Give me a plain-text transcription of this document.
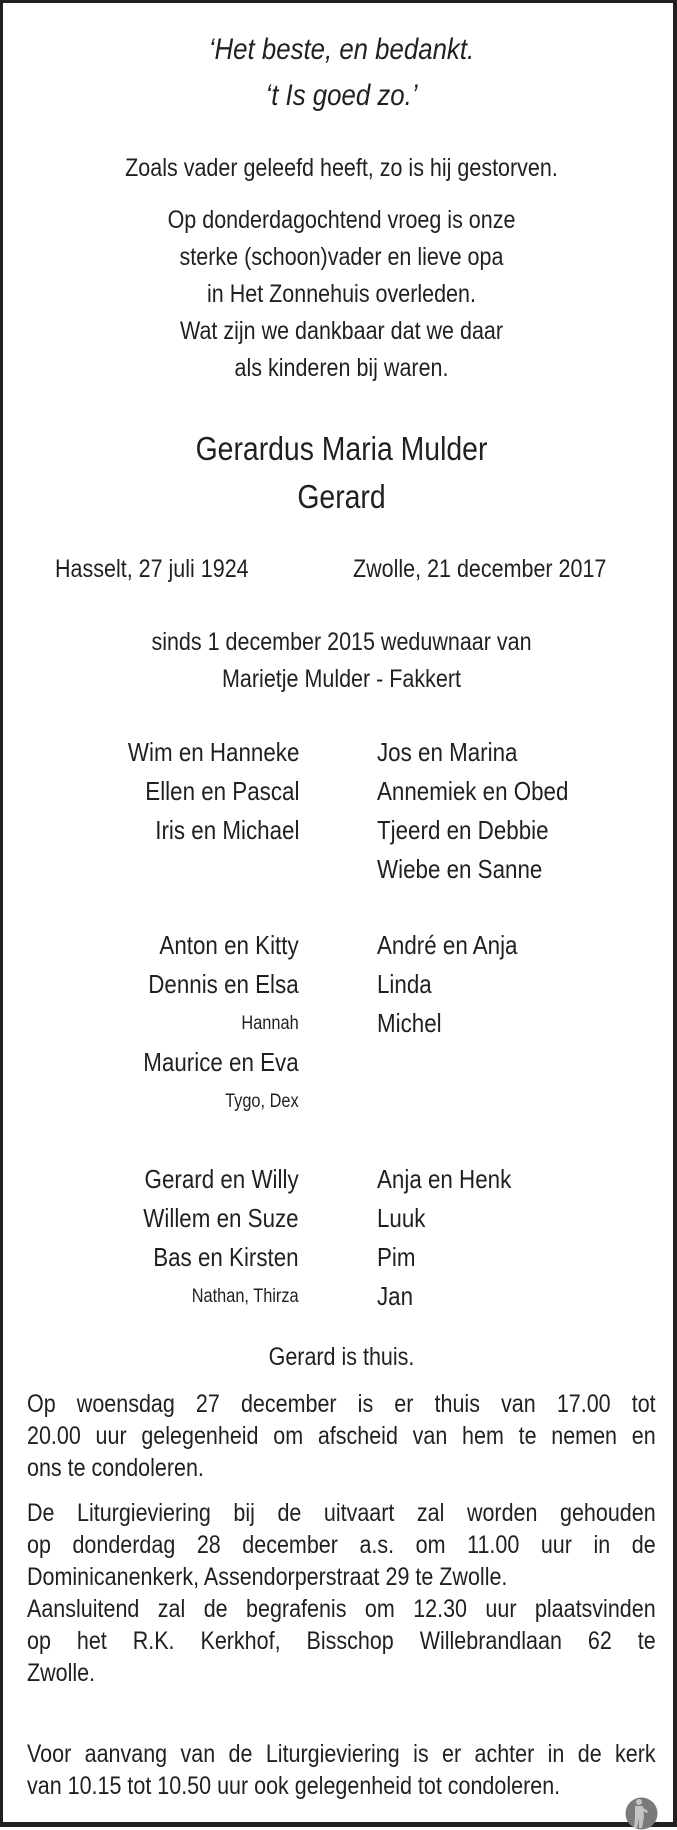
‘Het beste, en bedankt.
‘t Is goed zo.’
Zoals vader geleefd heeft, zo is hij gestorven.
Op donderdagochtend vroeg is onze
sterke (schoon)vader en lieve opa
in Het Zonnehuis overleden.
Wat zijn we dankbaar dat we daar
als kinderen bij waren.
Gerardus Maria Mulder
Gerard
Hasselt, 27 juli 1924	Zwolle, 21 december 2017
sinds 1 december 2015 weduwnaar van
Marietje Mulder - Fakkert
Wim en Hanneke
Ellen en Pascal
Iris en Michael
Jos en Marina
Annemiek en Obed
Tjeerd en Debbie
Wiebe en Sanne
Anton en Kitty
Dennis en Elsa
Hannah
Maurice en Eva
Tygo, Dex
André en Anja
Linda
Michel
Gerard en Willy
Willem en Suze
Bas en Kirsten
Nathan, Thirza
Anja en Henk
Luuk
Pim
Jan
Gerard is thuis.
Op woensdag 27 december is er thuis van 17.00 tot
20.00 uur gelegenheid om afscheid van hem te nemen en
ons te condoleren.
De Liturgieviering bij de uitvaart zal worden gehouden
op donderdag 28 december a.s. om 11.00 uur in de
Dominicanenkerk, Assendorperstraat 29 te Zwolle.
Aansluitend zal de begrafenis om 12.30 uur plaatsvinden
op het R.K. Kerkhof, Bisschop Willebrandlaan 62 te
Zwolle.
Voor aanvang van de Liturgieviering is er achter in de kerk
van 10.15 tot 10.50 uur ook gelegenheid tot condoleren.
